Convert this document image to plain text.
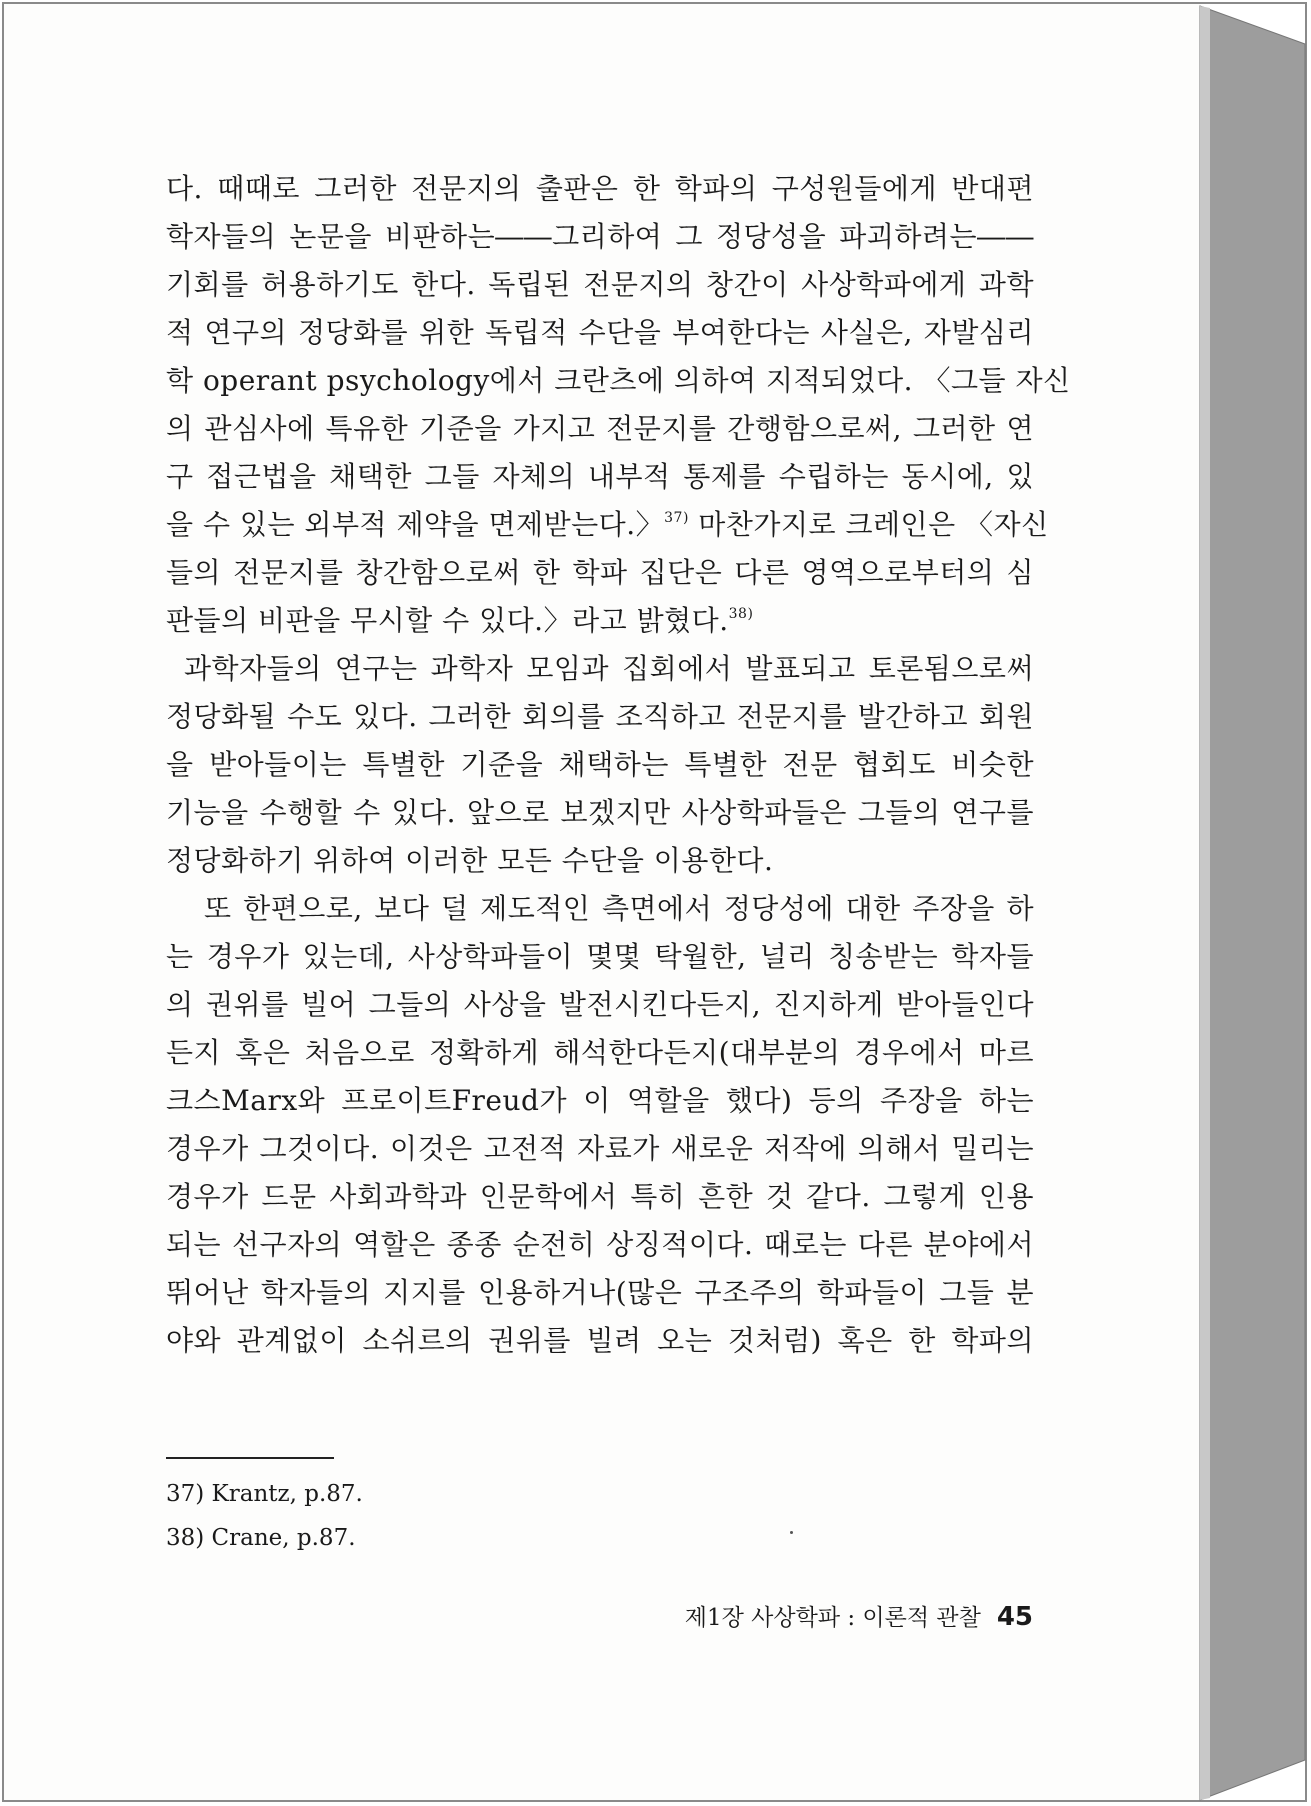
다. 때때로 그러한 전문지의 출판은 한 학파의 구성원들에게 반대편
학자들의 논문을 비판하는――그리하여 그 정당성을 파괴하려는――
기회를 허용하기도 한다. 독립된 전문지의 창간이 사상학파에게 과학
적 연구의 정당화를 위한 독립적 수단을 부여한다는 사실은, 자발심리
학 operant psychology에서 크란츠에 의하여 지적되었다. 〈그들 자신
의 관심사에 특유한 기준을 가지고 전문지를 간행함으로써, 그러한 연
구 접근법을 채택한 그들 자체의 내부적 통제를 수립하는 동시에, 있
을 수 있는 외부적 제약을 면제받는다.〉$^{37)}$ 마찬가지로 크레인은 〈자신
들의 전문지를 창간함으로써 한 학파 집단은 다른 영역으로부터의 심
판들의 비판을 무시할 수 있다.〉라고 밝혔다.$^{38)}$
과학자들의 연구는 과학자 모임과 집회에서 발표되고 토론됨으로써
정당화될 수도 있다. 그러한 회의를 조직하고 전문지를 발간하고 회원
을 받아들이는 특별한 기준을 채택하는 특별한 전문 협회도 비슷한
기능을 수행할 수 있다. 앞으로 보겠지만 사상학파들은 그들의 연구를
정당화하기 위하여 이러한 모든 수단을 이용한다.
또 한편으로, 보다 덜 제도적인 측면에서 정당성에 대한 주장을 하
는 경우가 있는데, 사상학파들이 몇몇 탁월한, 널리 칭송받는 학자들
의 권위를 빌어 그들의 사상을 발전시킨다든지, 진지하게 받아들인다
든지 혹은 처음으로 정확하게 해석한다든지(대부분의 경우에서 마르
크스Marx와 프로이트Freud가 이 역할을 했다) 등의 주장을 하는
경우가 그것이다. 이것은 고전적 자료가 새로운 저작에 의해서 밀리는
경우가 드문 사회과학과 인문학에서 특히 흔한 것 같다. 그렇게 인용
되는 선구자의 역할은 종종 순전히 상징적이다. 때로는 다른 분야에서
뛰어난 학자들의 지지를 인용하거나(많은 구조주의 학파들이 그들 분
야와 관계없이 소쉬르의 권위를 빌려 오는 것처럼) 혹은 한 학파의
37) Krantz, p.87.
38) Crane, p.87.
제1장 사상학파 : 이론적 관찰 45
